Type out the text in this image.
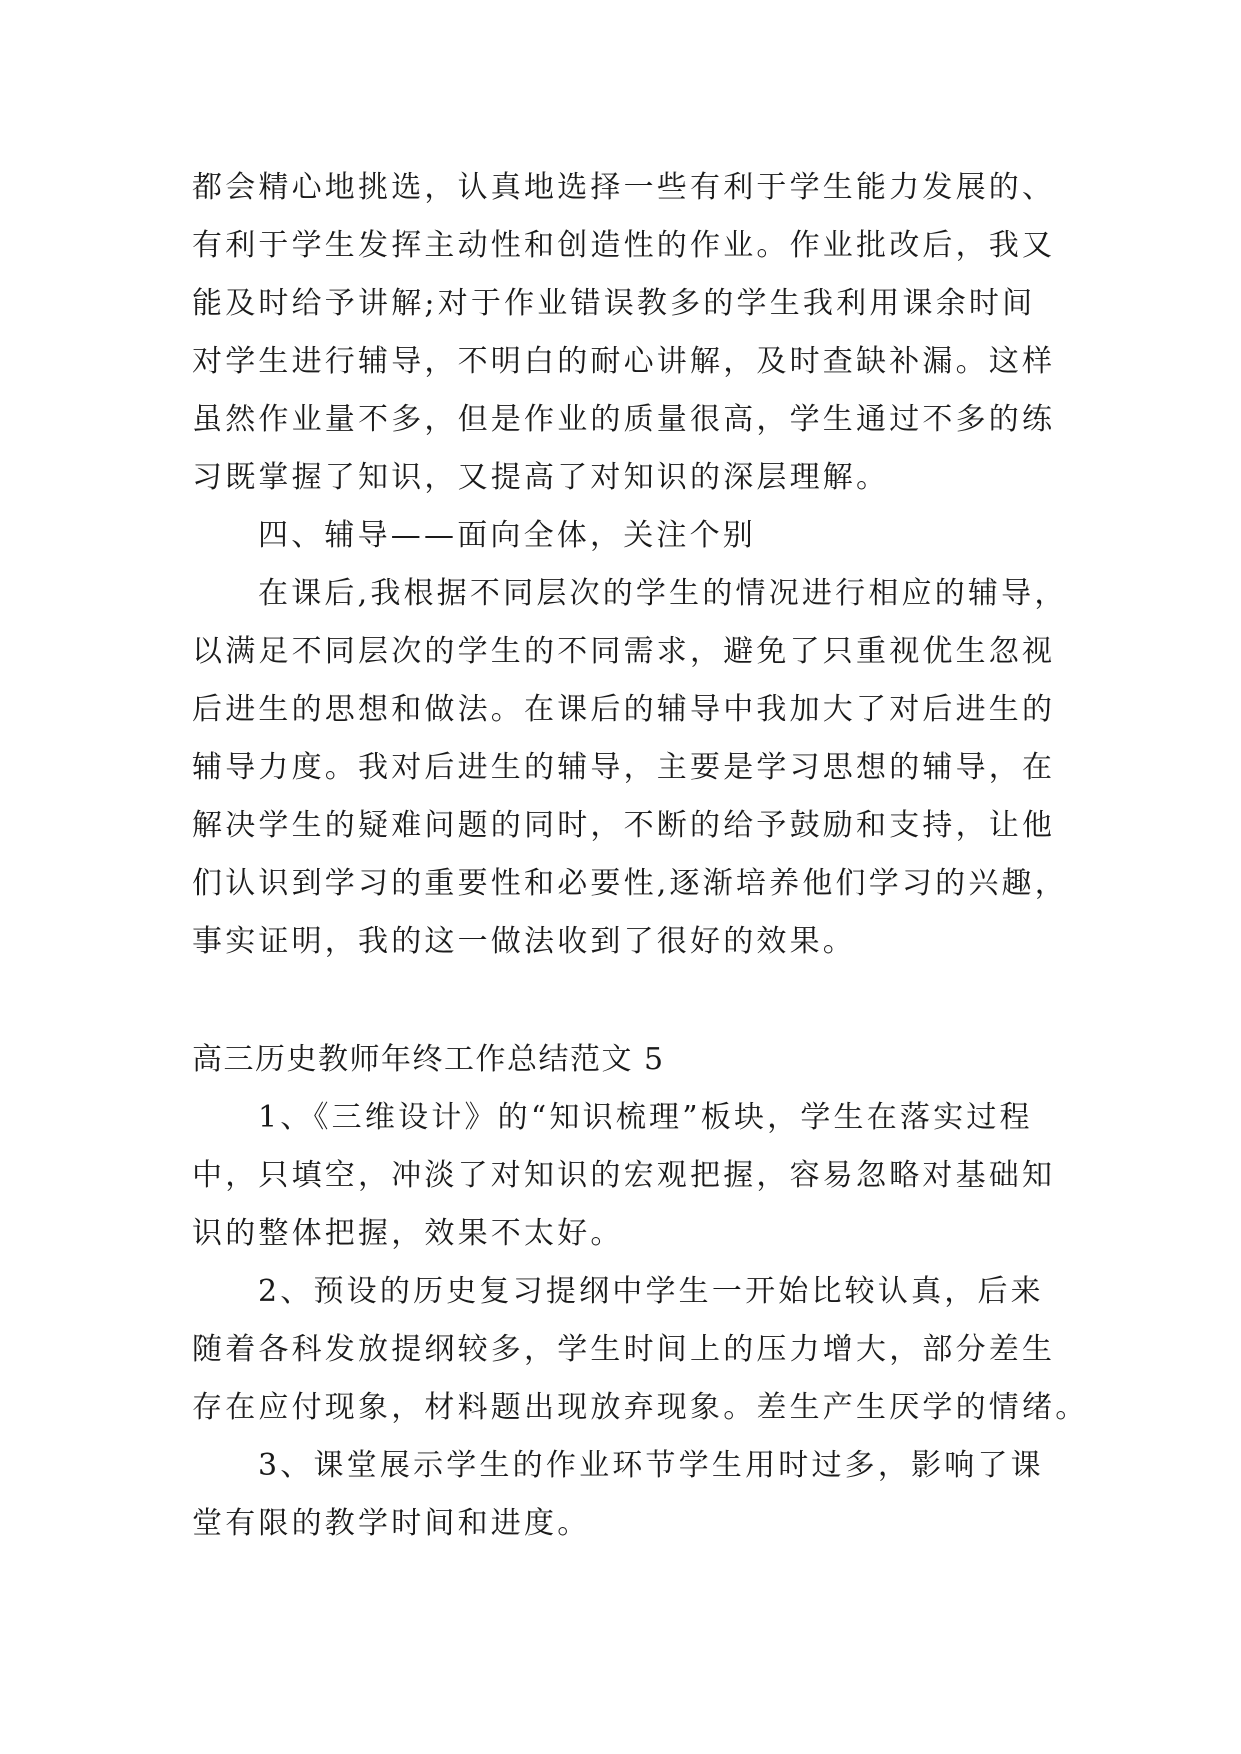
都会精心地挑选，认真地选择一些有利于学生能力发展的、
有利于学生发挥主动性和创造性的作业。作业批改后，我又
能及时给予讲解;对于作业错误教多的学生我利用课余时间
对学生进行辅导，不明白的耐心讲解，及时查缺补漏。这样
虽然作业量不多，但是作业的质量很高，学生通过不多的练
习既掌握了知识，又提高了对知识的深层理解。
四、辅导——面向全体，关注个别
在课后,我根据不同层次的学生的情况进行相应的辅导，
以满足不同层次的学生的不同需求，避免了只重视优生忽视
后进生的思想和做法。在课后的辅导中我加大了对后进生的
辅导力度。我对后进生的辅导，主要是学习思想的辅导，在
解决学生的疑难问题的同时，不断的给予鼓励和支持，让他
们认识到学习的重要性和必要性,逐渐培养他们学习的兴趣，
事实证明，我的这一做法收到了很好的效果。
高三历史教师年终工作总结范文 5
1、《三维设计》的“知识梳理”板块，学生在落实过程
中，只填空，冲淡了对知识的宏观把握，容易忽略对基础知
识的整体把握，效果不太好。
2、预设的历史复习提纲中学生一开始比较认真，后来
随着各科发放提纲较多，学生时间上的压力增大，部分差生
存在应付现象，材料题出现放弃现象。差生产生厌学的情绪。
3、课堂展示学生的作业环节学生用时过多，影响了课
堂有限的教学时间和进度。
